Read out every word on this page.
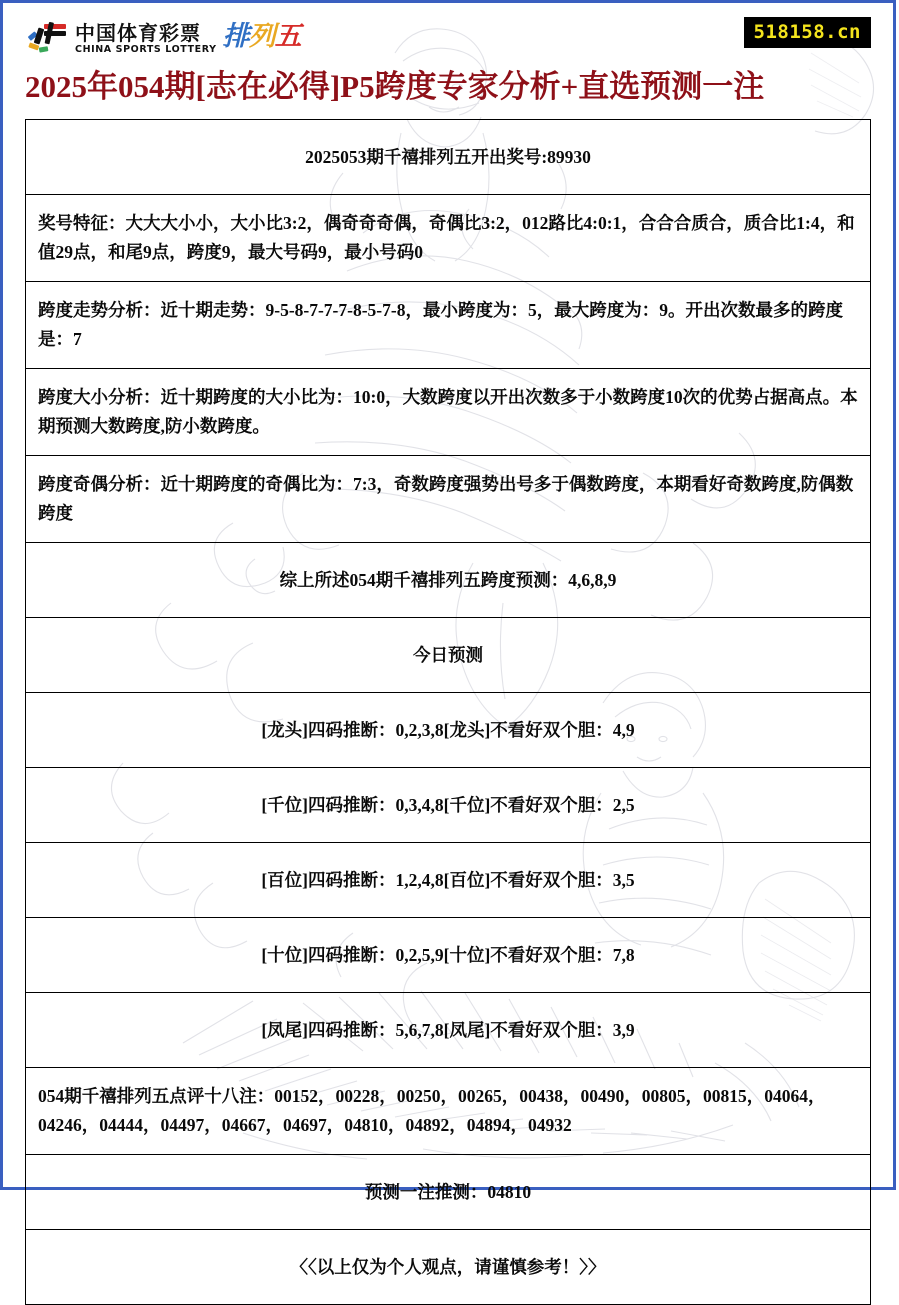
中国体育彩票
CHINA SPORTS LOTTERY 排列五	518158.cn
2025年054期[志在必得]P5跨度专家分析+直选预测一注
2025053期千禧排列五开出奖号:89930
奖号特征：大大大小小，大小比3:2，偶奇奇奇偶，奇偶比3:2，012路比4:0:1，合合合质合，质合比1:4，和值29点，和尾9点，跨度9，最大号码9，最小号码0
跨度走势分析：近十期走势：9-5-8-7-7-7-8-5-7-8，最小跨度为：5，最大跨度为：9。开出次数最多的跨度是：7
跨度大小分析：近十期跨度的大小比为：10:0，大数跨度以开出次数多于小数跨度10次的优势占据高点。本期预测大数跨度,防小数跨度。
跨度奇偶分析：近十期跨度的奇偶比为：7:3，奇数跨度强势出号多于偶数跨度，本期看好奇数跨度,防偶数跨度
综上所述054期千禧排列五跨度预测：4,6,8,9
今日预测
[龙头]四码推断：0,2,3,8[龙头]不看好双个胆：4,9
[千位]四码推断：0,3,4,8[千位]不看好双个胆：2,5
[百位]四码推断：1,2,4,8[百位]不看好双个胆：3,5
[十位]四码推断：0,2,5,9[十位]不看好双个胆：7,8
[凤尾]四码推断：5,6,7,8[凤尾]不看好双个胆：3,9
054期千禧排列五点评十八注：00152，00228，00250，00265，00438，00490，00805，00815，04064，04246，04444，04497，04667，04697，04810，04892，04894，04932
预测一注推测：04810
〈〈以上仅为个人观点，请谨慎参考！〉〉
